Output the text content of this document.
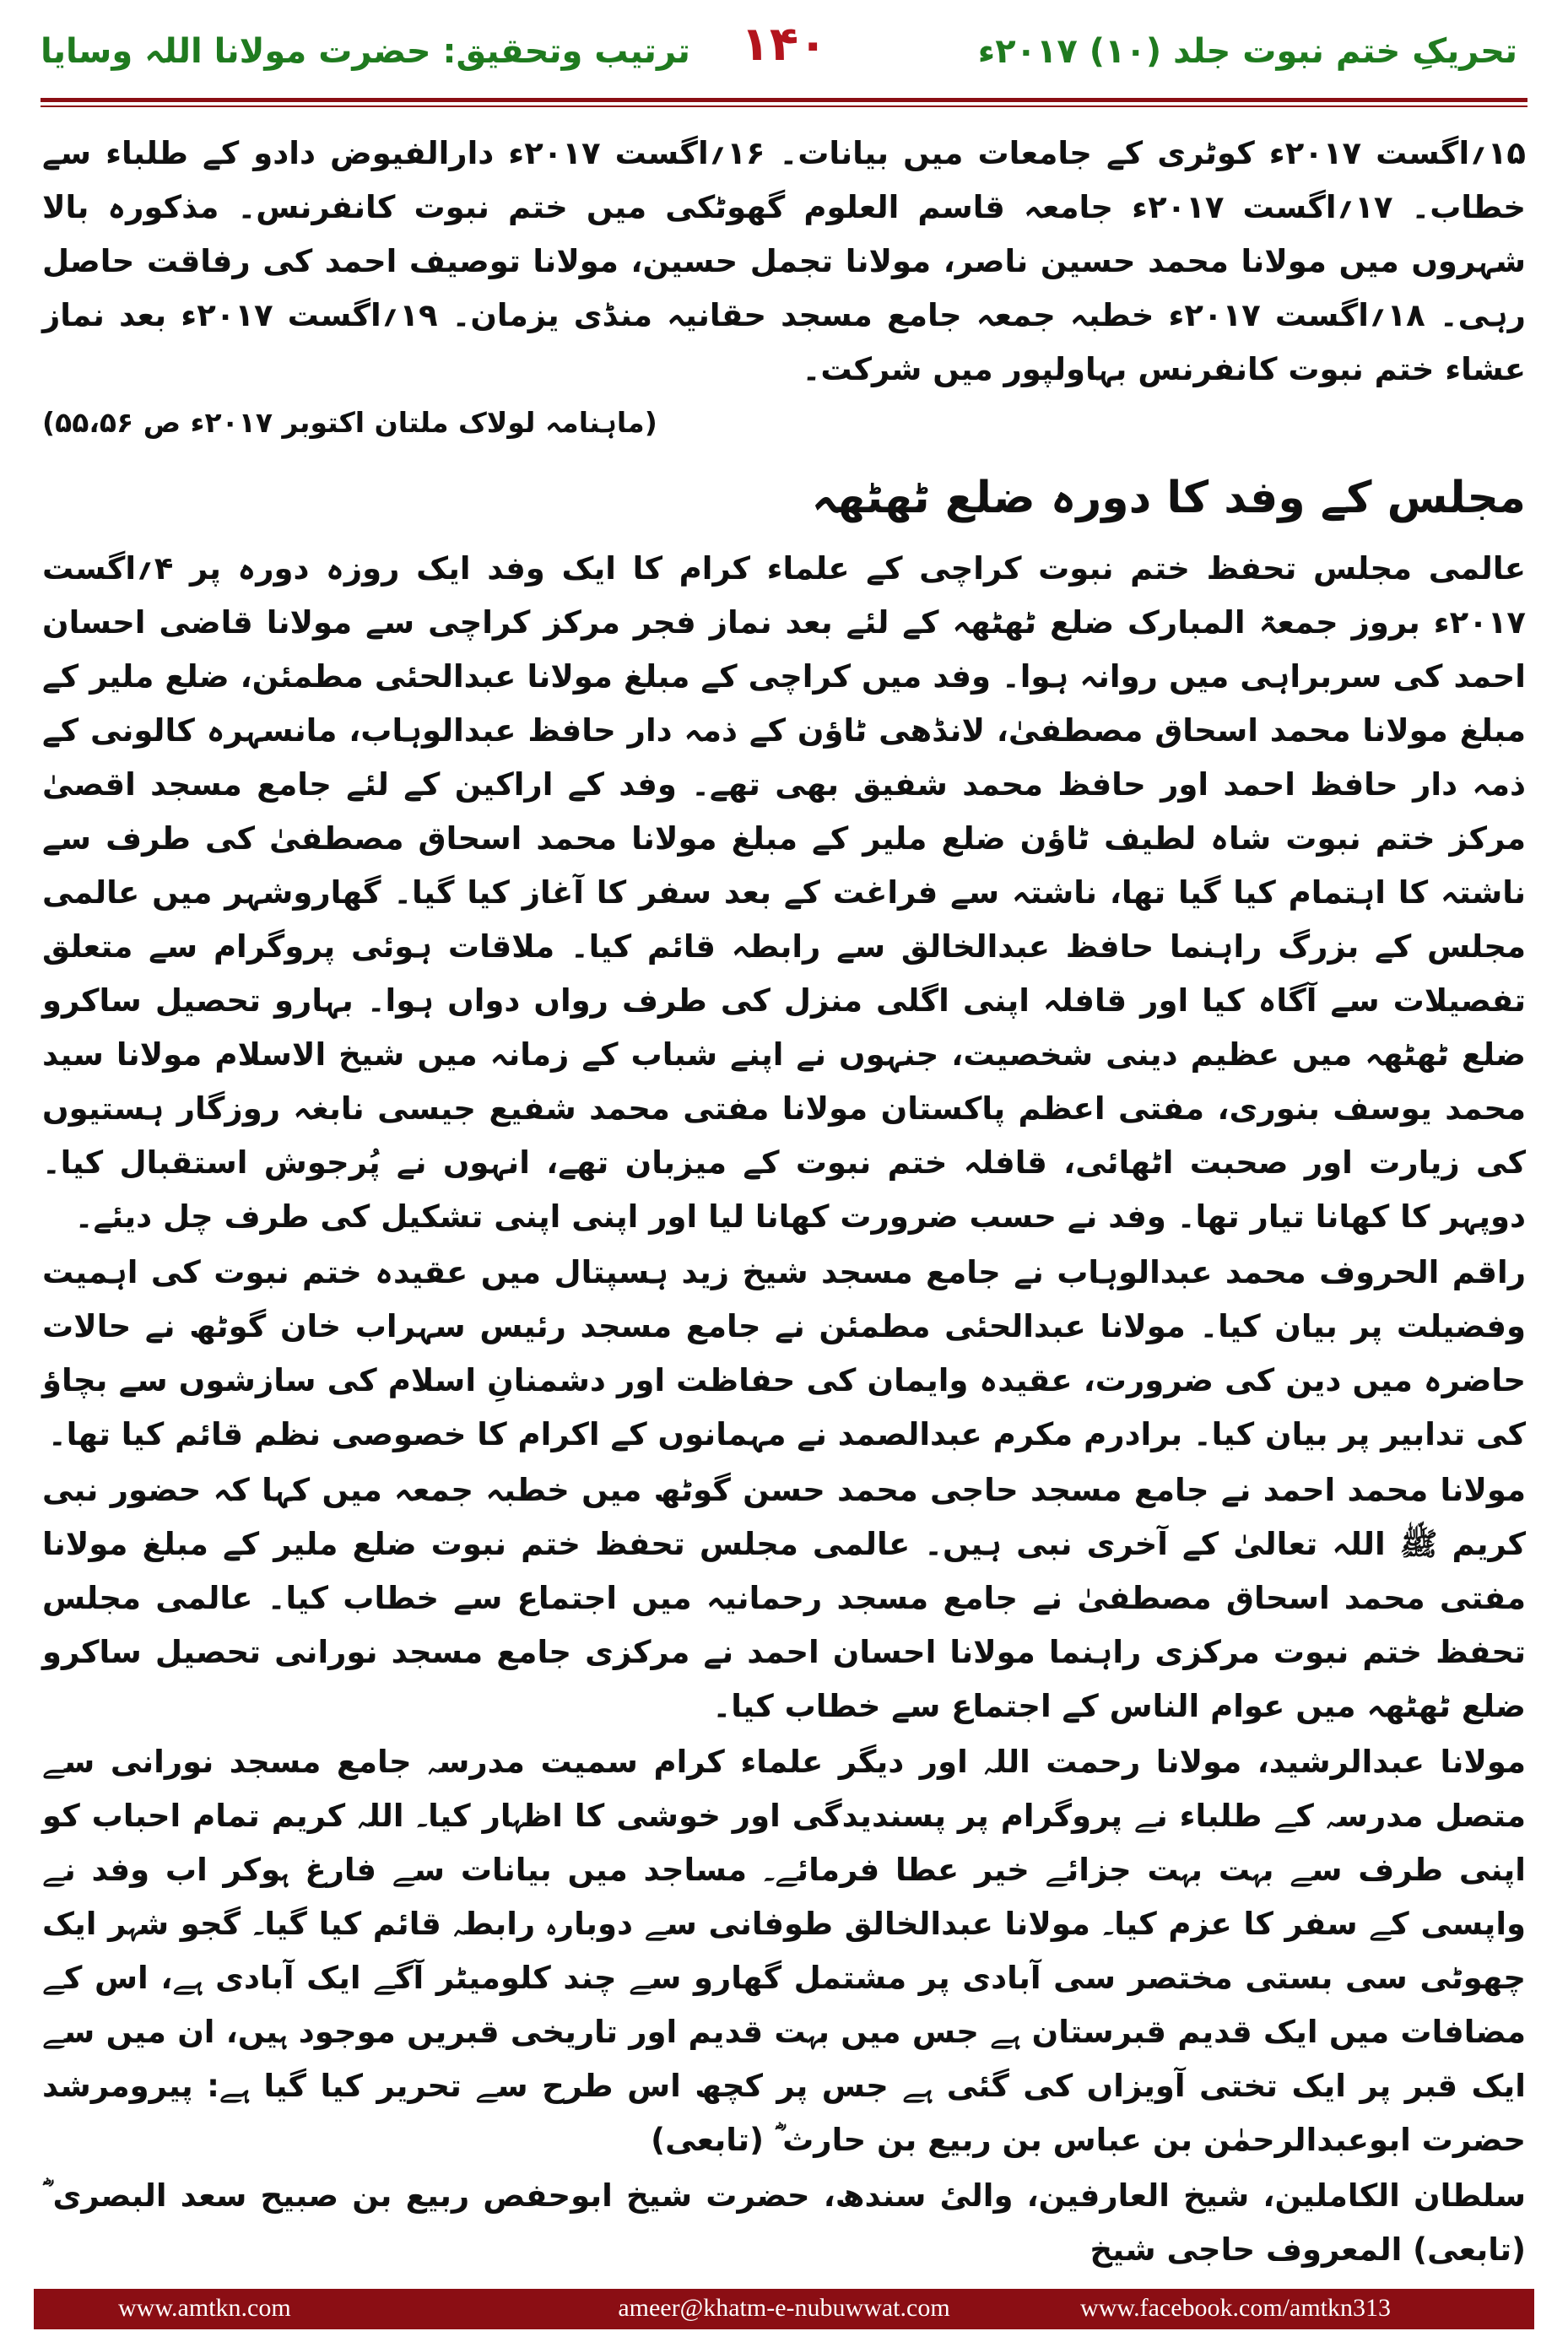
تحریکِ ختم نبوت جلد (۱۰) ۲۰۱۷ء
۱۴۰
ترتیب وتحقیق: حضرت مولانا اللہ وسایا

۱۵؍اگست ۲۰۱۷ء کوٹری کے جامعات میں بیانات۔ ۱۶؍اگست ۲۰۱۷ء دارالفیوض دادو کے طلباء سے خطاب۔ ۱۷؍اگست ۲۰۱۷ء جامعہ قاسم العلوم گھوٹکی میں ختم نبوت کانفرنس۔ مذکورہ بالا شہروں میں مولانا محمد حسین ناصر، مولانا تجمل حسین، مولانا توصیف احمد کی رفاقت حاصل رہی۔ ۱۸؍اگست ۲۰۱۷ء خطبہ جمعہ جامع مسجد حقانیہ منڈی یزمان۔ ۱۹؍اگست ۲۰۱۷ء بعد نماز عشاء ختم نبوت کانفرنس بہاولپور میں شرکت۔

(ماہنامہ لولاک ملتان اکتوبر ۲۰۱۷ء ص ۵۵،۵۶)

مجلس کے وفد کا دورہ ضلع ٹھٹھہ

عالمی مجلس تحفظ ختم نبوت کراچی کے علماء کرام کا ایک وفد ایک روزہ دورہ پر ۴؍اگست ۲۰۱۷ء بروز جمعۃ المبارک ضلع ٹھٹھہ کے لئے بعد نماز فجر مرکز کراچی سے مولانا قاضی احسان احمد کی سربراہی میں روانہ ہوا۔ وفد میں کراچی کے مبلغ مولانا عبدالحئی مطمئن، ضلع ملیر کے مبلغ مولانا محمد اسحاق مصطفیٰ، لانڈھی ٹاؤن کے ذمہ دار حافظ عبدالوہاب، مانسہرہ کالونی کے ذمہ دار حافظ احمد اور حافظ محمد شفیق بھی تھے۔ وفد کے اراکین کے لئے جامع مسجد اقصیٰ مرکز ختم نبوت شاہ لطیف ٹاؤن ضلع ملیر کے مبلغ مولانا محمد اسحاق مصطفیٰ کی طرف سے ناشتہ کا اہتمام کیا گیا تھا، ناشتہ سے فراغت کے بعد سفر کا آغاز کیا گیا۔ گھاروشہر میں عالمی مجلس کے بزرگ راہنما حافظ عبدالخالق سے رابطہ قائم کیا۔ ملاقات ہوئی پروگرام سے متعلق تفصیلات سے آگاہ کیا اور قافلہ اپنی اگلی منزل کی طرف رواں دواں ہوا۔ بہارو تحصیل ساکرو ضلع ٹھٹھہ میں عظیم دینی شخصیت، جنہوں نے اپنے شباب کے زمانہ میں شیخ الاسلام مولانا سید محمد یوسف بنوری، مفتی اعظم پاکستان مولانا مفتی محمد شفیع جیسی نابغہ روزگار ہستیوں کی زیارت اور صحبت اٹھائی، قافلہ ختم نبوت کے میزبان تھے، انہوں نے پُرجوش استقبال کیا۔ دوپہر کا کھانا تیار تھا۔ وفد نے حسب ضرورت کھانا لیا اور اپنی اپنی تشکیل کی طرف چل دیئے۔

راقم الحروف محمد عبدالوہاب نے جامع مسجد شیخ زید ہسپتال میں عقیدہ ختم نبوت کی اہمیت وفضیلت پر بیان کیا۔ مولانا عبدالحئی مطمئن نے جامع مسجد رئیس سہراب خان گوٹھ نے حالات حاضرہ میں دین کی ضرورت، عقیدہ وایمان کی حفاظت اور دشمنانِ اسلام کی سازشوں سے بچاؤ کی تدابیر پر بیان کیا۔ برادرم مکرم عبدالصمد نے مہمانوں کے اکرام کا خصوصی نظم قائم کیا تھا۔

مولانا محمد احمد نے جامع مسجد حاجی محمد حسن گوٹھ میں خطبہ جمعہ میں کہا کہ حضور نبی کریم ﷺ اللہ تعالیٰ کے آخری نبی ہیں۔ عالمی مجلس تحفظ ختم نبوت ضلع ملیر کے مبلغ مولانا مفتی محمد اسحاق مصطفیٰ نے جامع مسجد رحمانیہ میں اجتماع سے خطاب کیا۔ عالمی مجلس تحفظ ختم نبوت مرکزی راہنما مولانا احسان احمد نے مرکزی جامع مسجد نورانی تحصیل ساکرو ضلع ٹھٹھہ میں عوام الناس کے اجتماع سے خطاب کیا۔

مولانا عبدالرشید، مولانا رحمت اللہ اور دیگر علماء کرام سمیت مدرسہ جامع مسجد نورانی سے متصل مدرسہ کے طلباء نے پروگرام پر پسندیدگی اور خوشی کا اظہار کیا۔ اللہ کریم تمام احباب کو اپنی طرف سے بہت بہت جزائے خیر عطا فرمائے۔ مساجد میں بیانات سے فارغ ہوکر اب وفد نے واپسی کے سفر کا عزم کیا۔ مولانا عبدالخالق طوفانی سے دوبارہ رابطہ قائم کیا گیا۔ گجو شہر ایک چھوٹی سی بستی مختصر سی آبادی پر مشتمل گھارو سے چند کلومیٹر آگے ایک آبادی ہے، اس کے مضافات میں ایک قدیم قبرستان ہے جس میں بہت قدیم اور تاریخی قبریں موجود ہیں، ان میں سے ایک قبر پر ایک تختی آویزاں کی گئی ہے جس پر کچھ اس طرح سے تحریر کیا گیا ہے: پیرومرشد حضرت ابوعبدالرحمٰن بن عباس بن ربیع بن حارث ؓ (تابعی)

سلطان الکاملین، شیخ العارفین، والیٔ سندھ، حضرت شیخ ابوحفص ربیع بن صبیح سعد البصری ؓ (تابعی) المعروف حاجی شیخ

www.amtkn.com	ameer@khatm-e-nubuwwat.com	www.facebook.com/amtkn313
